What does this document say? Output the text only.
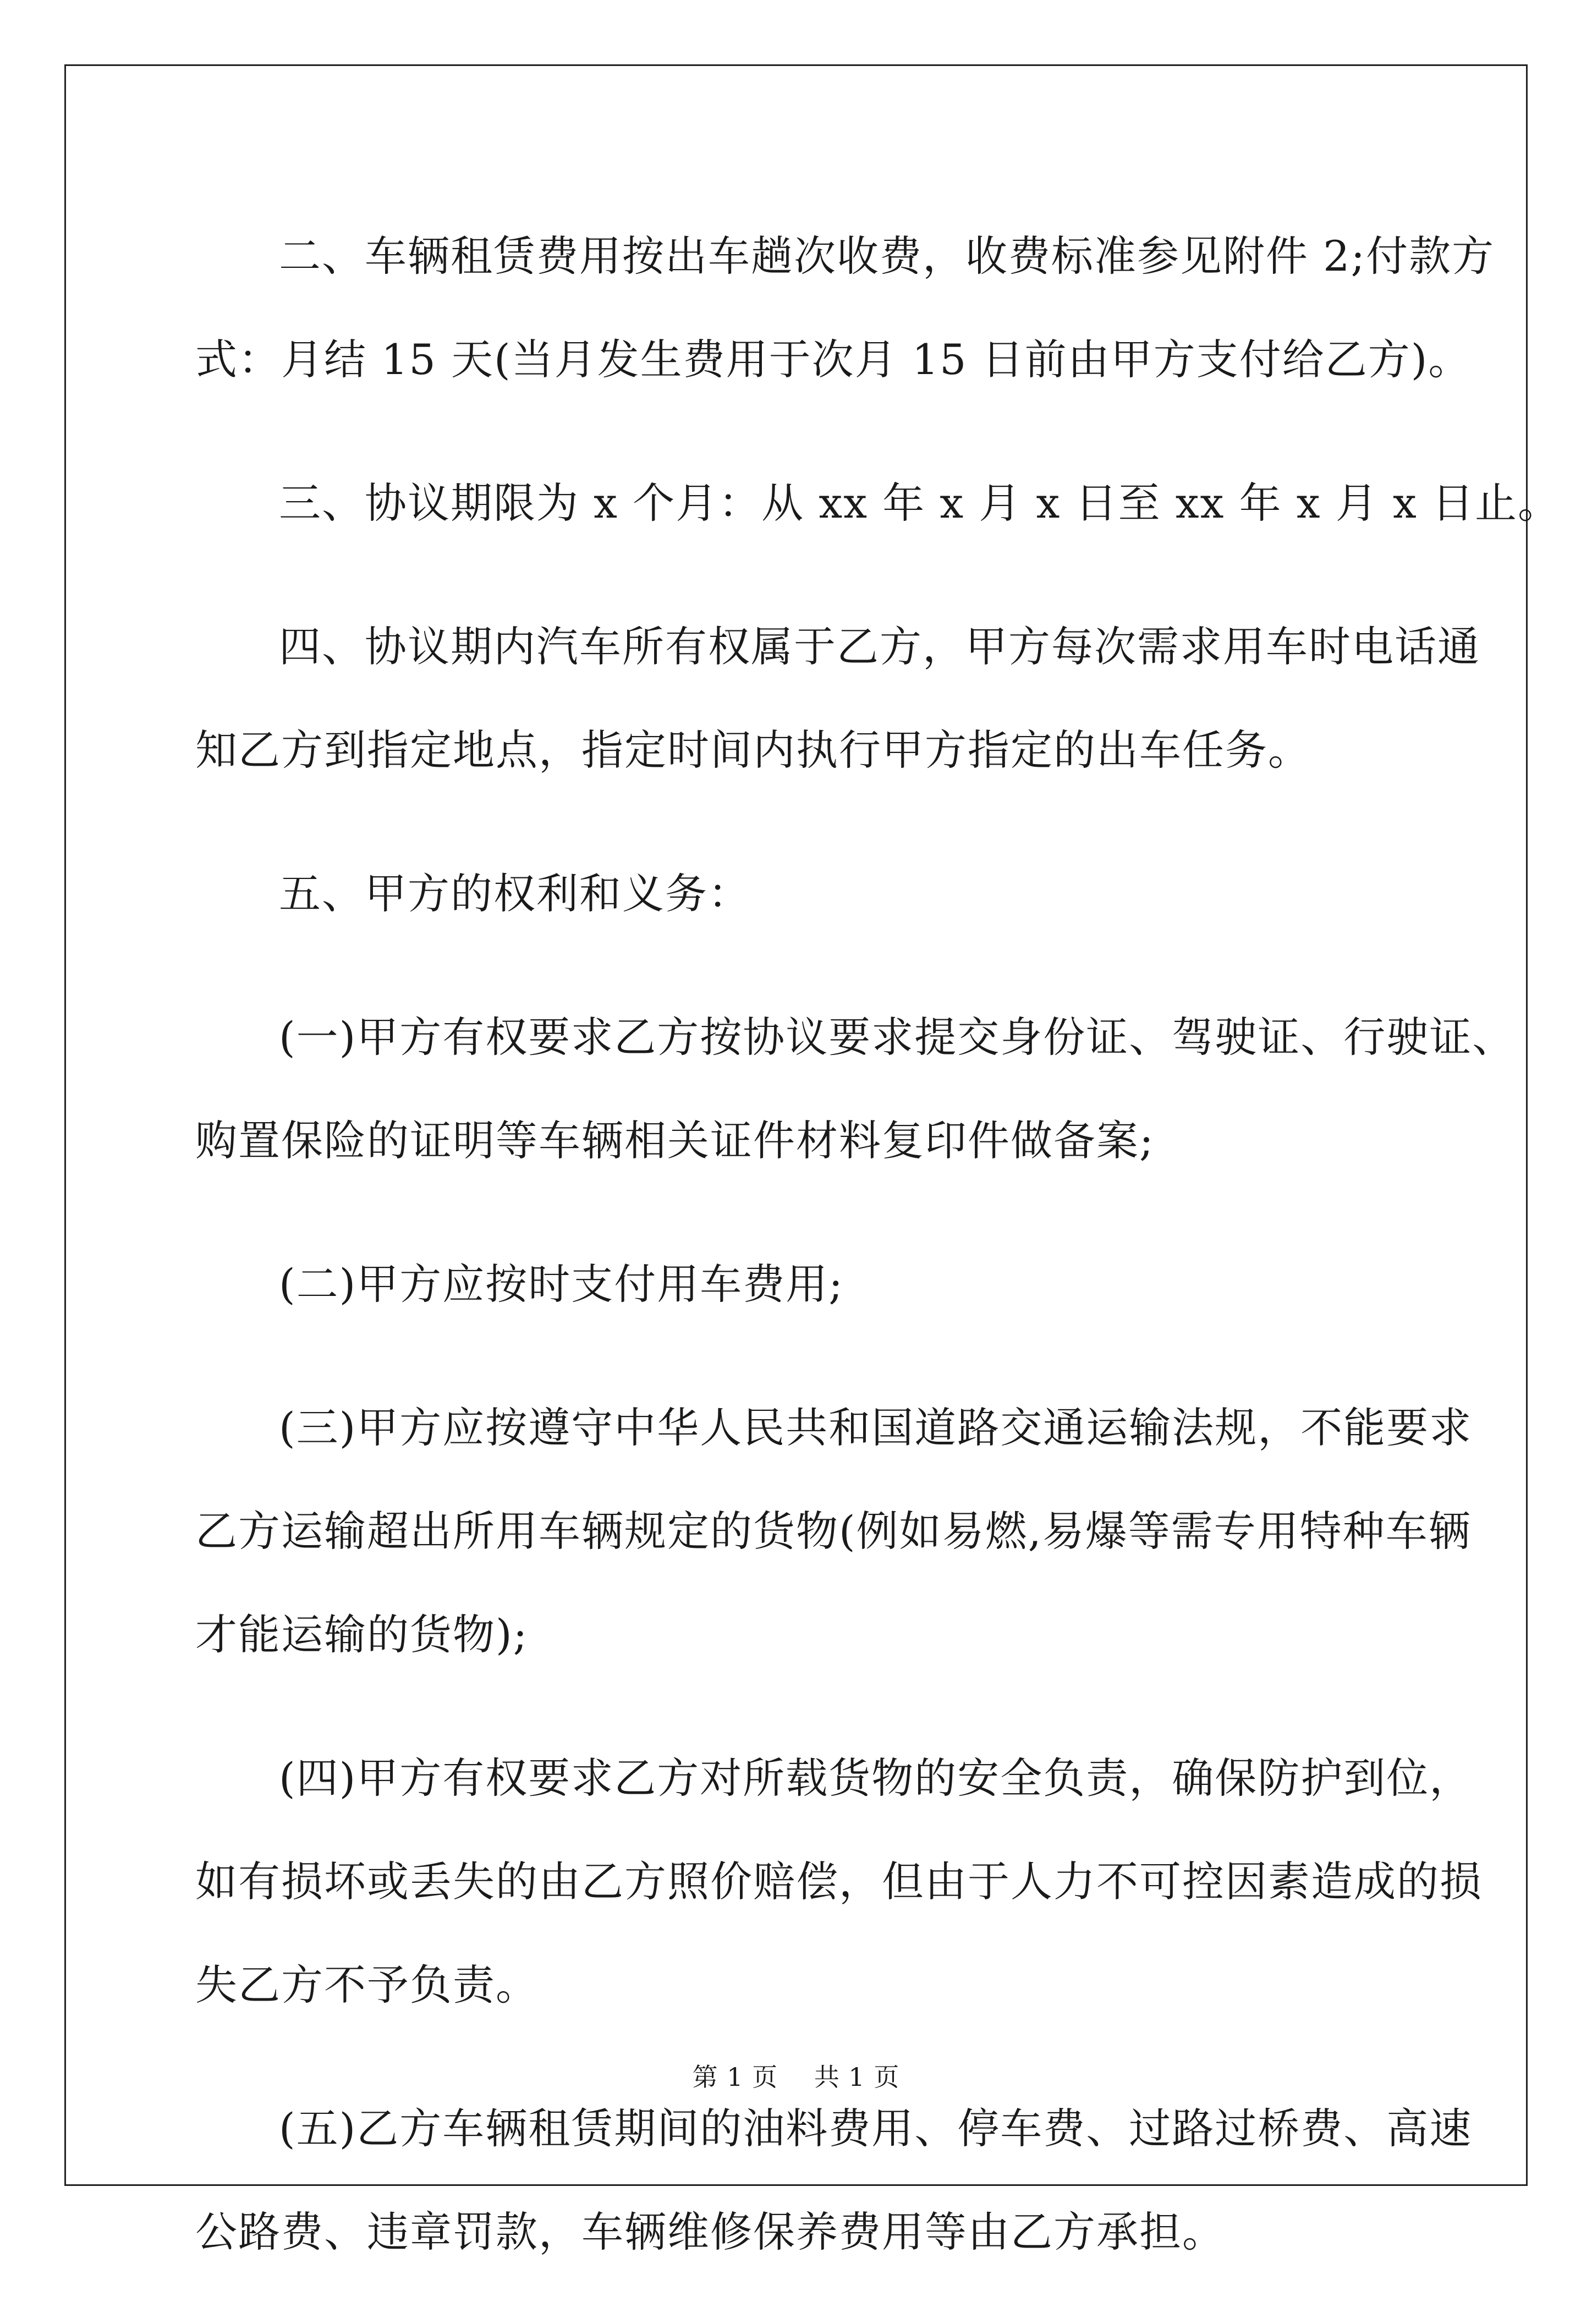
二、车辆租赁费用按出车趟次收费，收费标准参见附件 2;付款方
式：月结 15 天(当月发生费用于次月 15 日前由甲方支付给乙方)。

三、协议期限为 x 个月：从 xx 年 x 月 x 日至 xx 年 x 月 x 日止。

四、协议期内汽车所有权属于乙方，甲方每次需求用车时电话通
知乙方到指定地点，指定时间内执行甲方指定的出车任务。

五、甲方的权利和义务：

(一)甲方有权要求乙方按协议要求提交身份证、驾驶证、行驶证、
购置保险的证明等车辆相关证件材料复印件做备案;

(二)甲方应按时支付用车费用;

(三)甲方应按遵守中华人民共和国道路交通运输法规，不能要求
乙方运输超出所用车辆规定的货物(例如易燃,易爆等需专用特种车辆
才能运输的货物);

(四)甲方有权要求乙方对所载货物的安全负责，确保防护到位，
如有损坏或丢失的由乙方照价赔偿，但由于人力不可控因素造成的损
失乙方不予负责。

(五)乙方车辆租赁期间的油料费用、停车费、过路过桥费、高速
公路费、违章罚款，车辆维修保养费用等由乙方承担。

第 1 页 共 1 页
